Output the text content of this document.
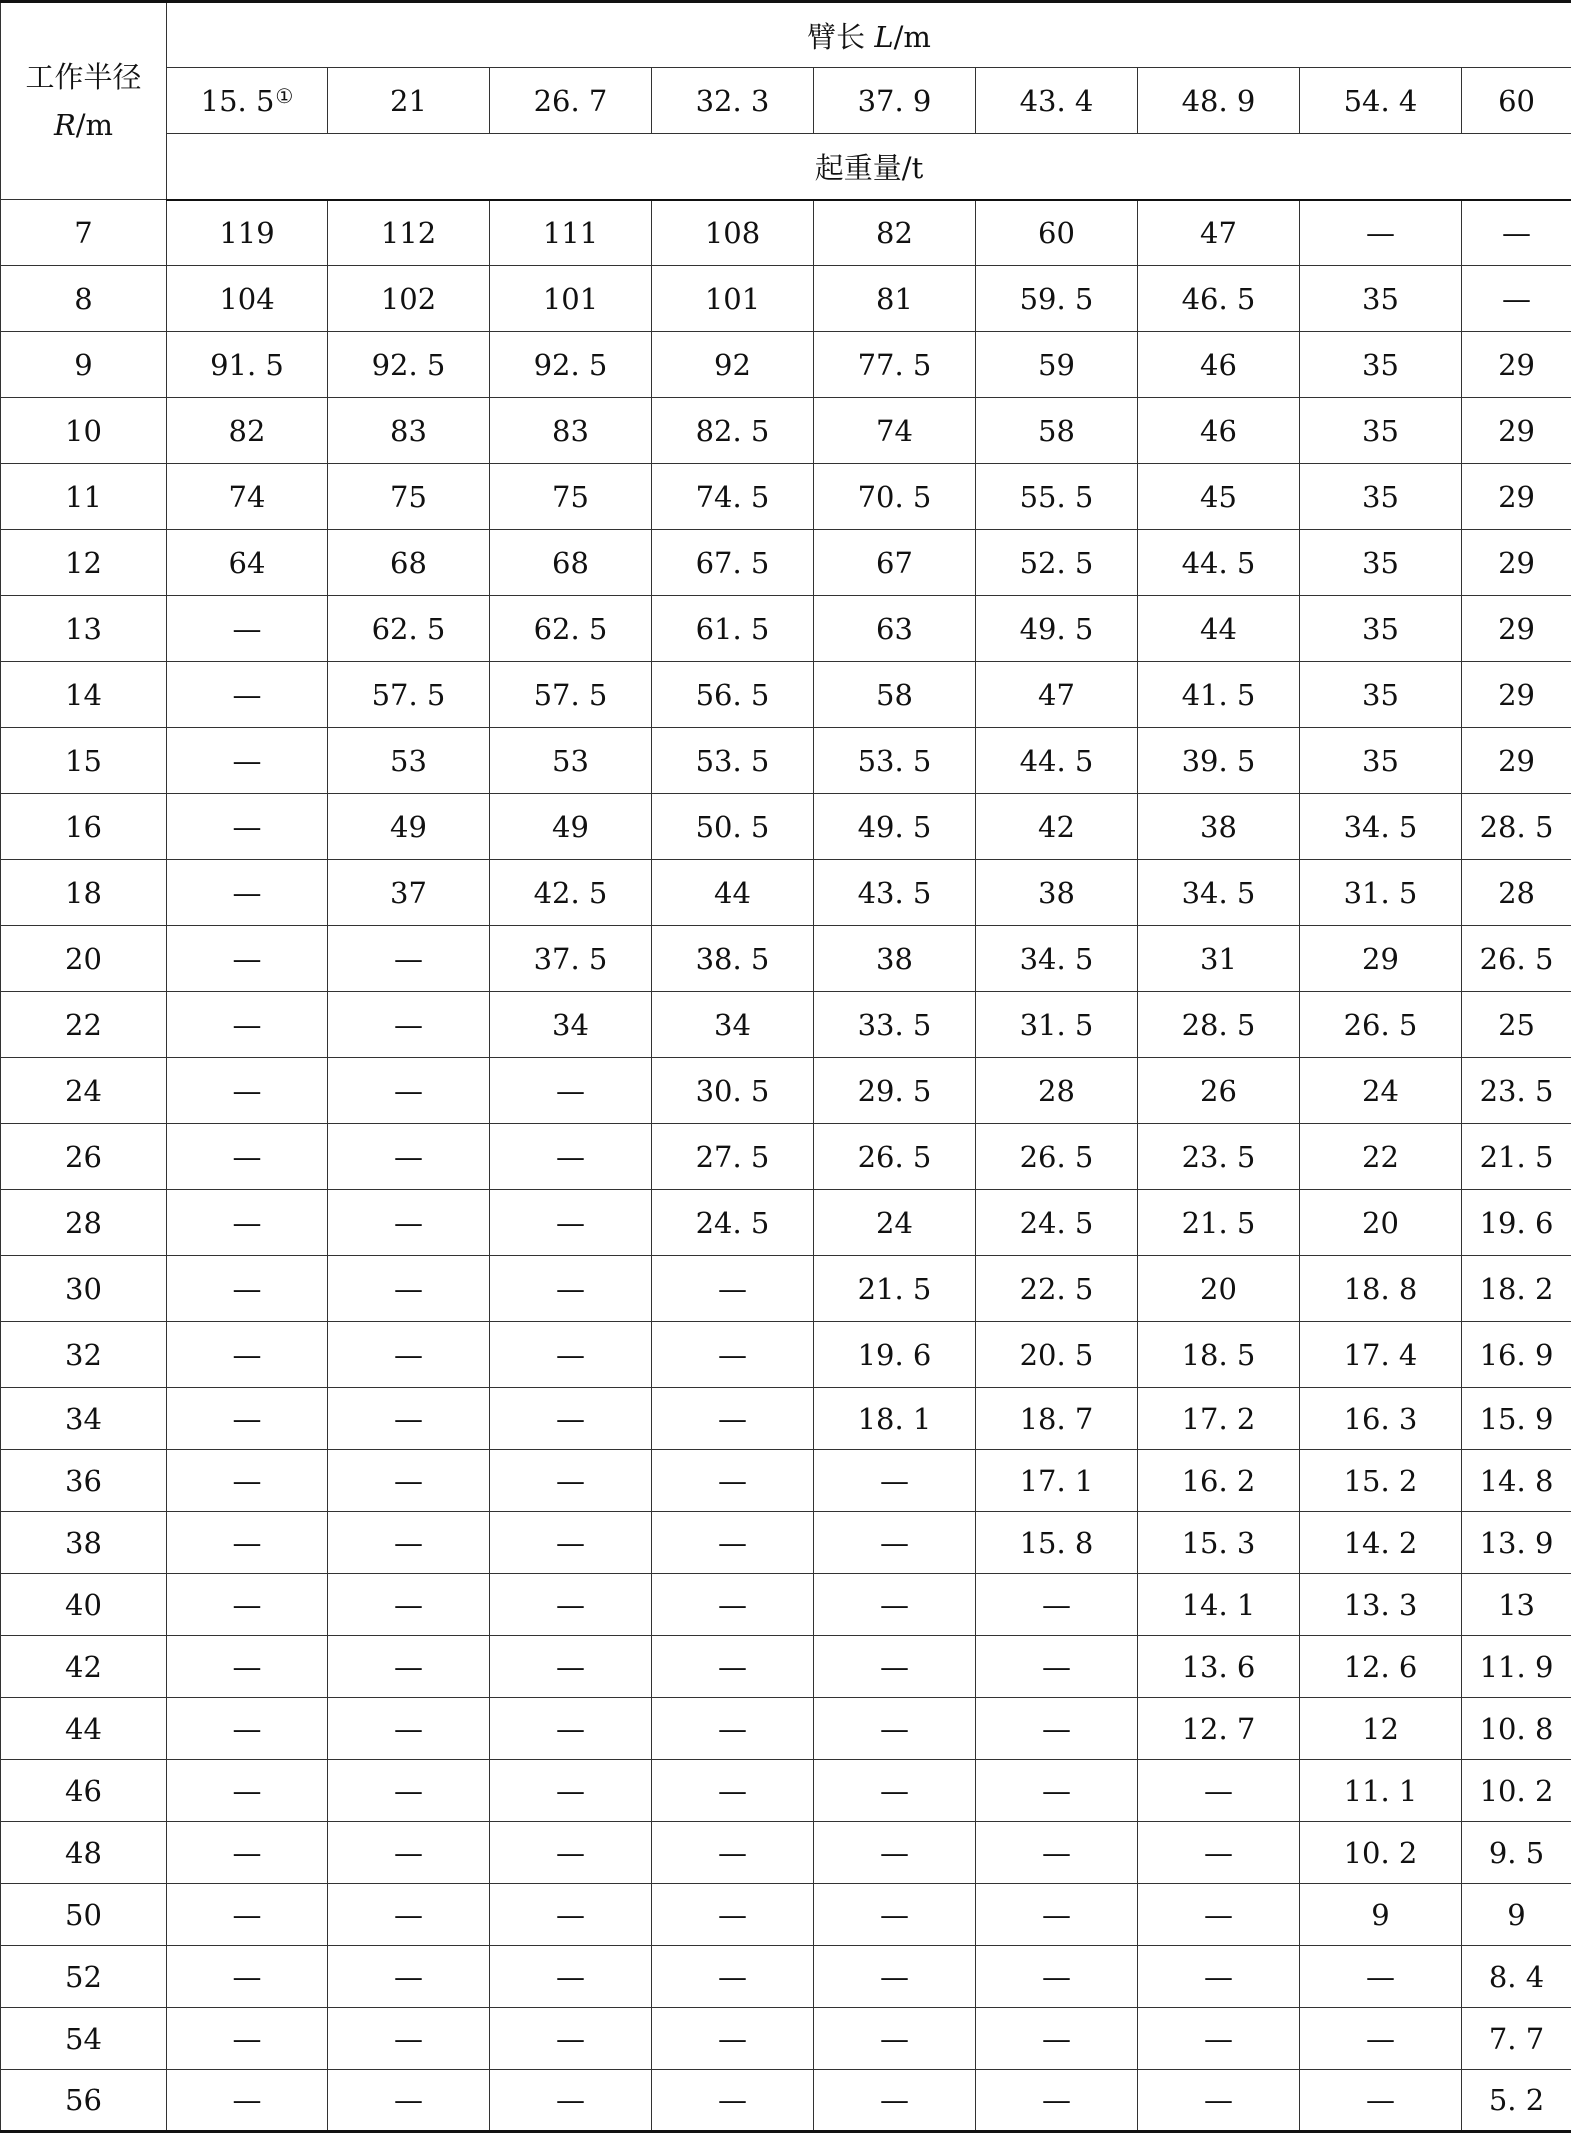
工作半径
R/m	臂长 L/m								
	15. 5①	21	26. 7	32. 3	37. 9	43. 4	48. 9	54. 4	60
	起重量/t								
7	119	112	111	108	82	60	47	—	—
8	104	102	101	101	81	59. 5	46. 5	35	—
9	91. 5	92. 5	92. 5	92	77. 5	59	46	35	29
10	82	83	83	82. 5	74	58	46	35	29
11	74	75	75	74. 5	70. 5	55. 5	45	35	29
12	64	68	68	67. 5	67	52. 5	44. 5	35	29
13	—	62. 5	62. 5	61. 5	63	49. 5	44	35	29
14	—	57. 5	57. 5	56. 5	58	47	41. 5	35	29
15	—	53	53	53. 5	53. 5	44. 5	39. 5	35	29
16	—	49	49	50. 5	49. 5	42	38	34. 5	28. 5
18	—	37	42. 5	44	43. 5	38	34. 5	31. 5	28
20	—	—	37. 5	38. 5	38	34. 5	31	29	26. 5
22	—	—	34	34	33. 5	31. 5	28. 5	26. 5	25
24	—	—	—	30. 5	29. 5	28	26	24	23. 5
26	—	—	—	27. 5	26. 5	26. 5	23. 5	22	21. 5
28	—	—	—	24. 5	24	24. 5	21. 5	20	19. 6
30	—	—	—	—	21. 5	22. 5	20	18. 8	18. 2
32	—	—	—	—	19. 6	20. 5	18. 5	17. 4	16. 9
34	—	—	—	—	18. 1	18. 7	17. 2	16. 3	15. 9
36	—	—	—	—	—	17. 1	16. 2	15. 2	14. 8
38	—	—	—	—	—	15. 8	15. 3	14. 2	13. 9
40	—	—	—	—	—	—	14. 1	13. 3	13
42	—	—	—	—	—	—	13. 6	12. 6	11. 9
44	—	—	—	—	—	—	12. 7	12	10. 8
46	—	—	—	—	—	—	—	11. 1	10. 2
48	—	—	—	—	—	—	—	10. 2	9. 5
50	—	—	—	—	—	—	—	9	9
52	—	—	—	—	—	—	—	—	8. 4
54	—	—	—	—	—	—	—	—	7. 7
56	—	—	—	—	—	—	—	—	5. 2
